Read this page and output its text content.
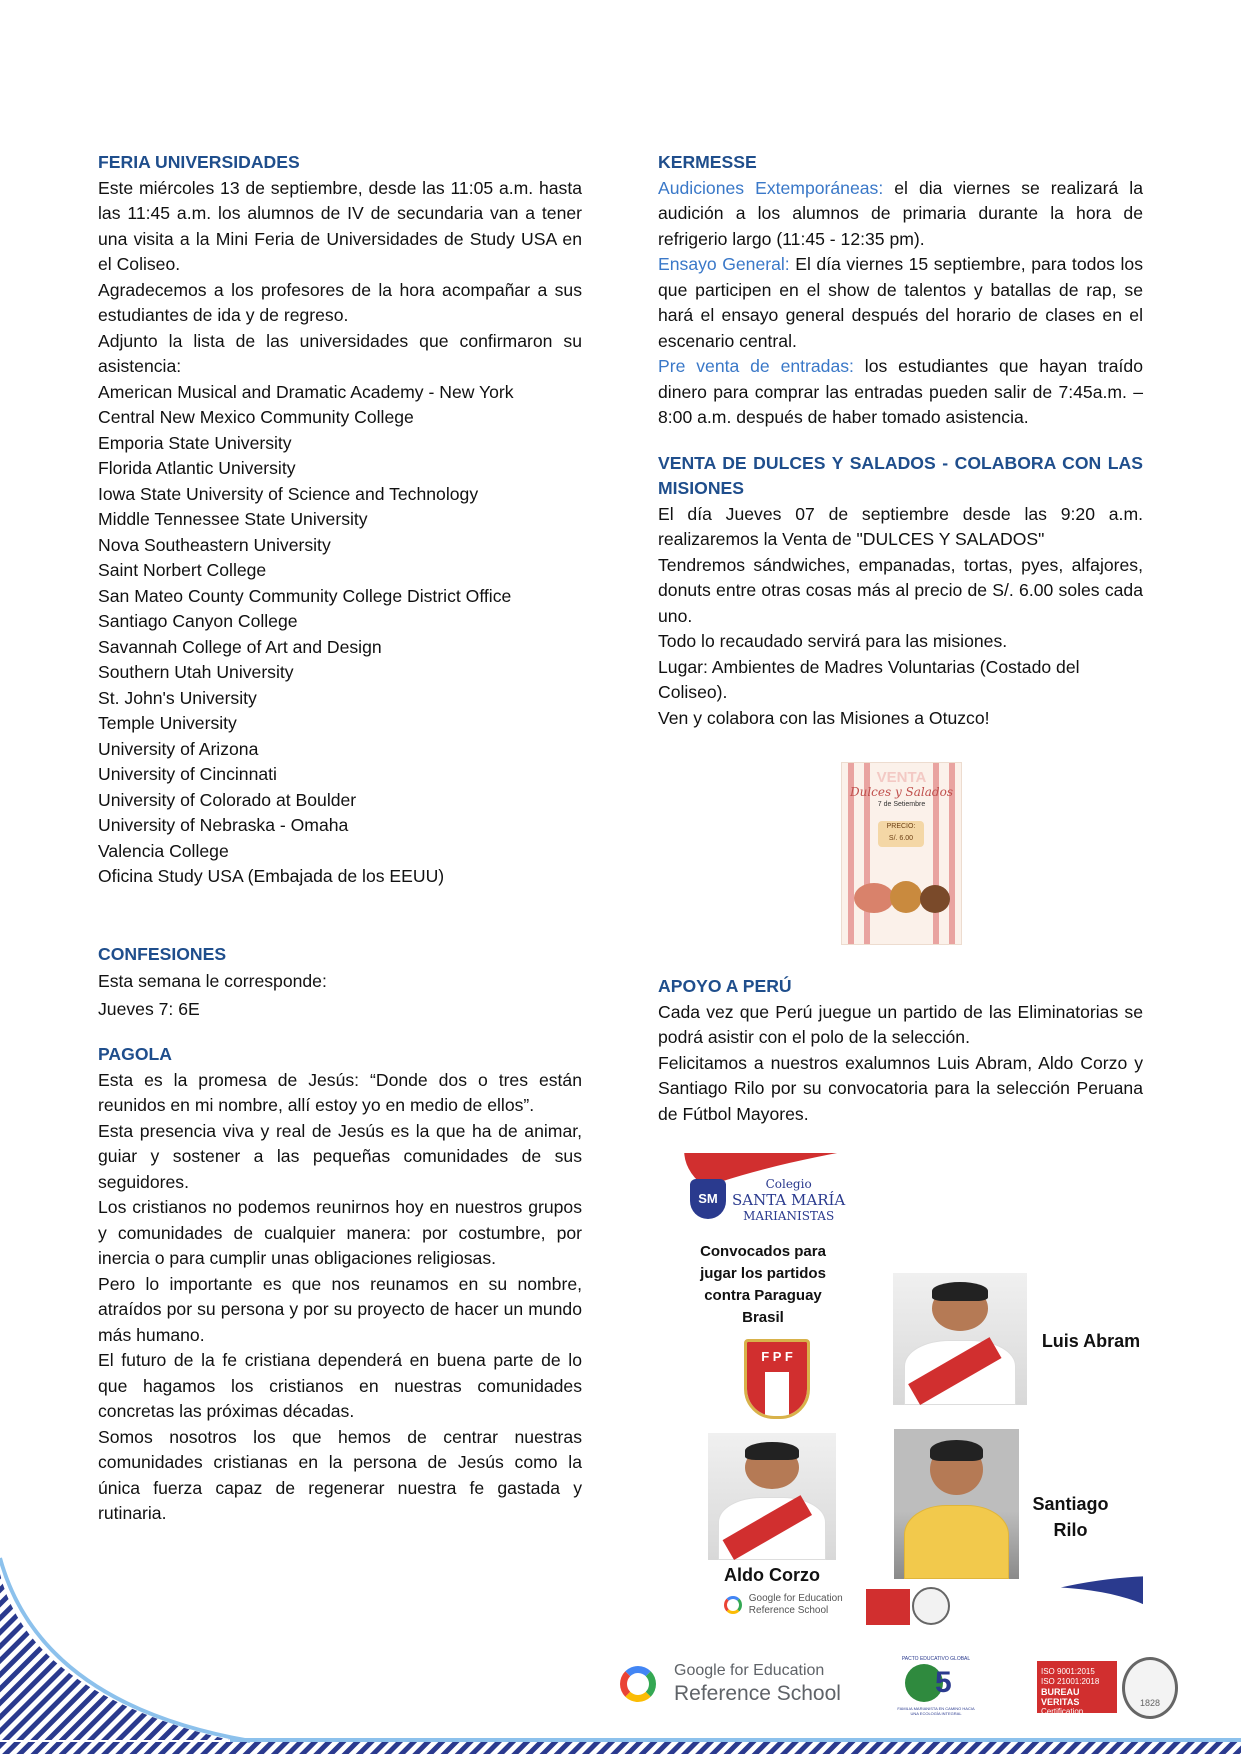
FERIA UNIVERSIDADES

Este miércoles 13 de septiembre, desde las 11:05 a.m. hasta las 11:45 a.m. los alumnos de IV de secundaria van a tener una visita a la Mini Feria de Universidades de Study USA en el Coliseo.

Agradecemos a los profesores de la hora acompañar a sus estudiantes de ida y de regreso.

Adjunto la lista de las universidades que confirmaron su asistencia:

American Musical and Dramatic Academy - New York
Central New Mexico Community College
Emporia State University
Florida Atlantic University
Iowa State University of Science and Technology
Middle Tennessee State University
Nova Southeastern University
Saint Norbert College
San Mateo County Community College District Office
Santiago Canyon College
Savannah College of Art and Design
Southern Utah University
St. John's University
Temple University
University of Arizona
University of Cincinnati
University of Colorado at Boulder
University of Nebraska - Omaha
Valencia College
Oficina Study USA (Embajada de los EEUU)
CONFESIONES

Esta semana le corresponde:

Jueves 7: 6E

PAGOLA

Esta es la promesa de Jesús: “Donde dos o tres están reunidos en mi nombre, allí estoy yo en medio de ellos”.

Esta presencia viva y real de Jesús es la que ha de animar, guiar y sostener a las pequeñas comunidades de sus seguidores.

Los cristianos no podemos reunirnos hoy en nuestros grupos y comunidades de cualquier manera: por costumbre, por inercia o para cumplir unas obligaciones religiosas.

Pero lo importante es que nos reunamos en su nombre, atraídos por su persona y por su proyecto de hacer un mundo más humano.

El futuro de la fe cristiana dependerá en buena parte de lo que hagamos los cristianos en nuestras comunidades concretas las próximas décadas.

Somos nosotros los que hemos de centrar nuestras comunidades cristianas en la persona de Jesús como la única fuerza capaz de regenerar nuestra fe gastada y rutinaria.

KERMESSE

Audiciones Extemporáneas: el dia viernes se realizará la audición a los alumnos de primaria durante la hora de refrigerio largo (11:45 - 12:35 pm).

Ensayo General: El día viernes 15 septiembre, para todos los que participen en el show de talentos y batallas de rap, se hará el ensayo general después del horario de clases en el escenario central.

Pre venta de entradas: los estudiantes que hayan traído dinero para comprar las entradas pueden salir de 7:45a.m. – 8:00 a.m. después de haber tomado asistencia.

VENTA DE DULCES Y SALADOS - COLABORA CON LAS MISIONES

El día Jueves 07 de septiembre desde las 9:20 a.m. realizaremos la Venta de "DULCES Y SALADOS"

Tendremos sándwiches, empanadas, tortas, pyes, alfajores, donuts entre otras cosas más al precio de S/. 6.00 soles cada uno.

Todo lo recaudado servirá para las misiones.

Lugar: Ambientes de Madres Voluntarias (Costado del Coliseo).

Ven y colabora con las Misiones a Otuzco!

VENTA
Dulces y Salados
7 de Setiembre
PRECIO:
S/. 6.00
APOYO A PERÚ

Cada vez que Perú juegue un partido de las Eliminatorias se podrá asistir con el polo de la selección.

Felicitamos a nuestros exalumnos Luis Abram, Aldo Corzo y Santiago Rilo por su convocatoria para la selección Peruana de Fútbol Mayores.

SM
Colegio
SANTA MARÍA
MARIANISTAS
Convocados para jugar los partidos contra Paraguay Brasil
F P F
Luis Abram
Aldo Corzo
Santiago Rilo
Google for Education
Reference School
Google for Education
Reference School
PACTO EDUCATIVO GLOBAL
5
FAMILIA MARIANISTA EN CAMINO HACIA UNA ECOLOGÍA INTEGRAL
ISO 9001:2015
ISO 21001:2018
BUREAU VERITAS
Certification
1828
